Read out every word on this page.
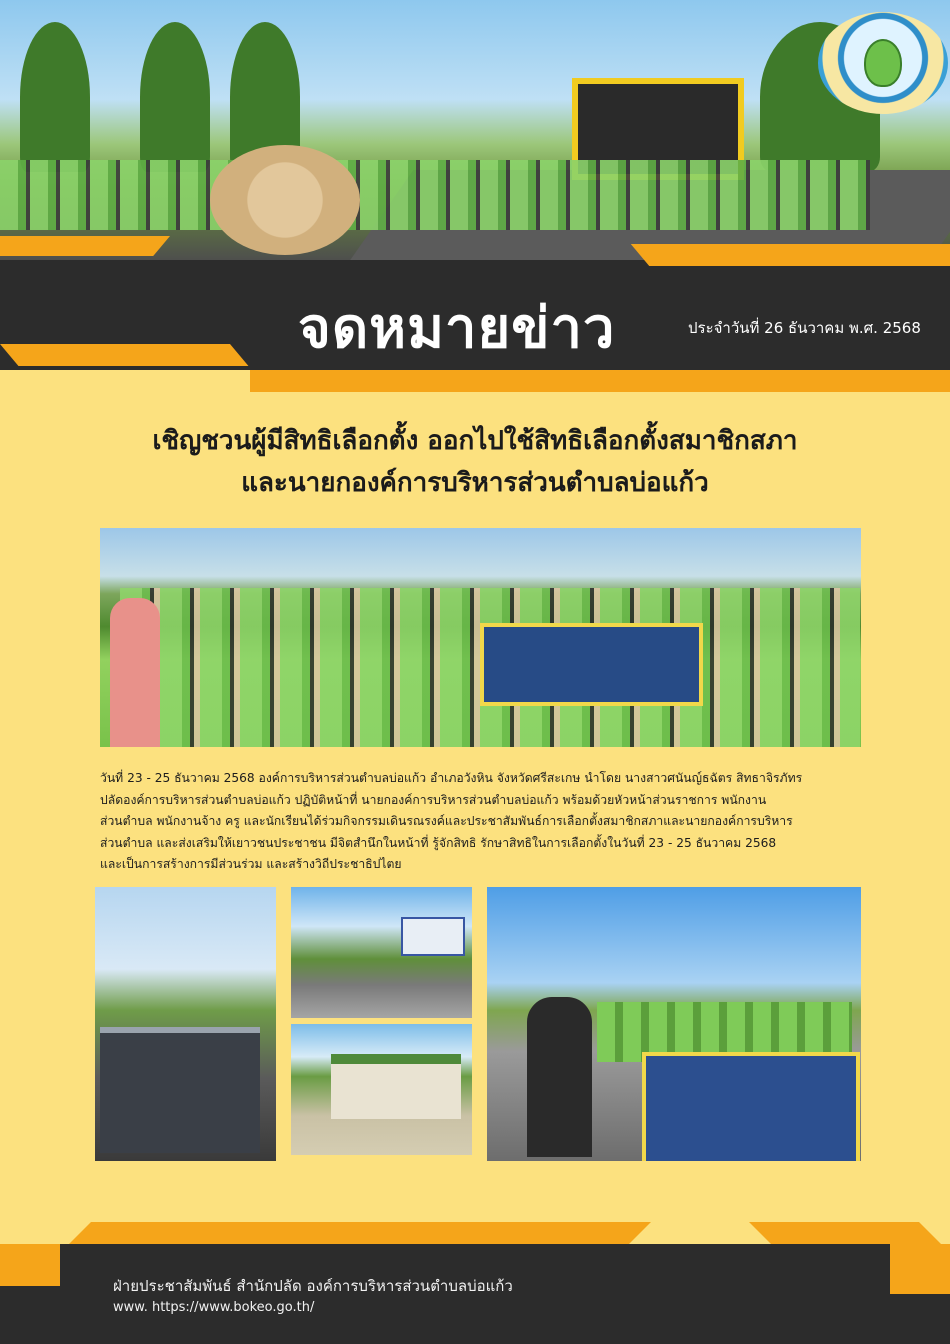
จดหมายข่าว	ประจำวันที่ 26 ธันวาคม พ.ศ. 2568
เชิญชวนผู้มีสิทธิเลือกตั้ง ออกไปใช้สิทธิเลือกตั้งสมาชิกสภา
และนายกองค์การบริหารส่วนตำบลบ่อแก้ว

วันที่ 23 - 25 ธันวาคม 2568 องค์การบริหารส่วนตำบลบ่อแก้ว อำเภอวังหิน จังหวัดศรีสะเกษ นำโดย นางสาวศนันญ์ธฉัตร สิทธาจิรภัทร

ปลัดองค์การบริหารส่วนตำบลบ่อแก้ว ปฏิบัติหน้าที่ นายกองค์การบริหารส่วนตำบลบ่อแก้ว พร้อมด้วยหัวหน้าส่วนราชการ พนักงาน

ส่วนตำบล พนักงานจ้าง ครู และนักเรียนได้ร่วมกิจกรรมเดินรณรงค์และประชาสัมพันธ์การเลือกตั้งสมาชิกสภาและนายกองค์การบริหาร

ส่วนตำบล และส่งเสริมให้เยาวชนประชาชน มีจิตสำนึกในหน้าที่ รู้จักสิทธิ รักษาสิทธิในการเลือกตั้งในวันที่ 23 - 25 ธันวาคม 2568

และเป็นการสร้างการมีส่วนร่วม และสร้างวิถีประชาธิปไตย

ฝ่ายประชาสัมพันธ์ สำนักปลัด องค์การบริหารส่วนตำบลบ่อแก้ว
www. https://www.bokeo.go.th/
